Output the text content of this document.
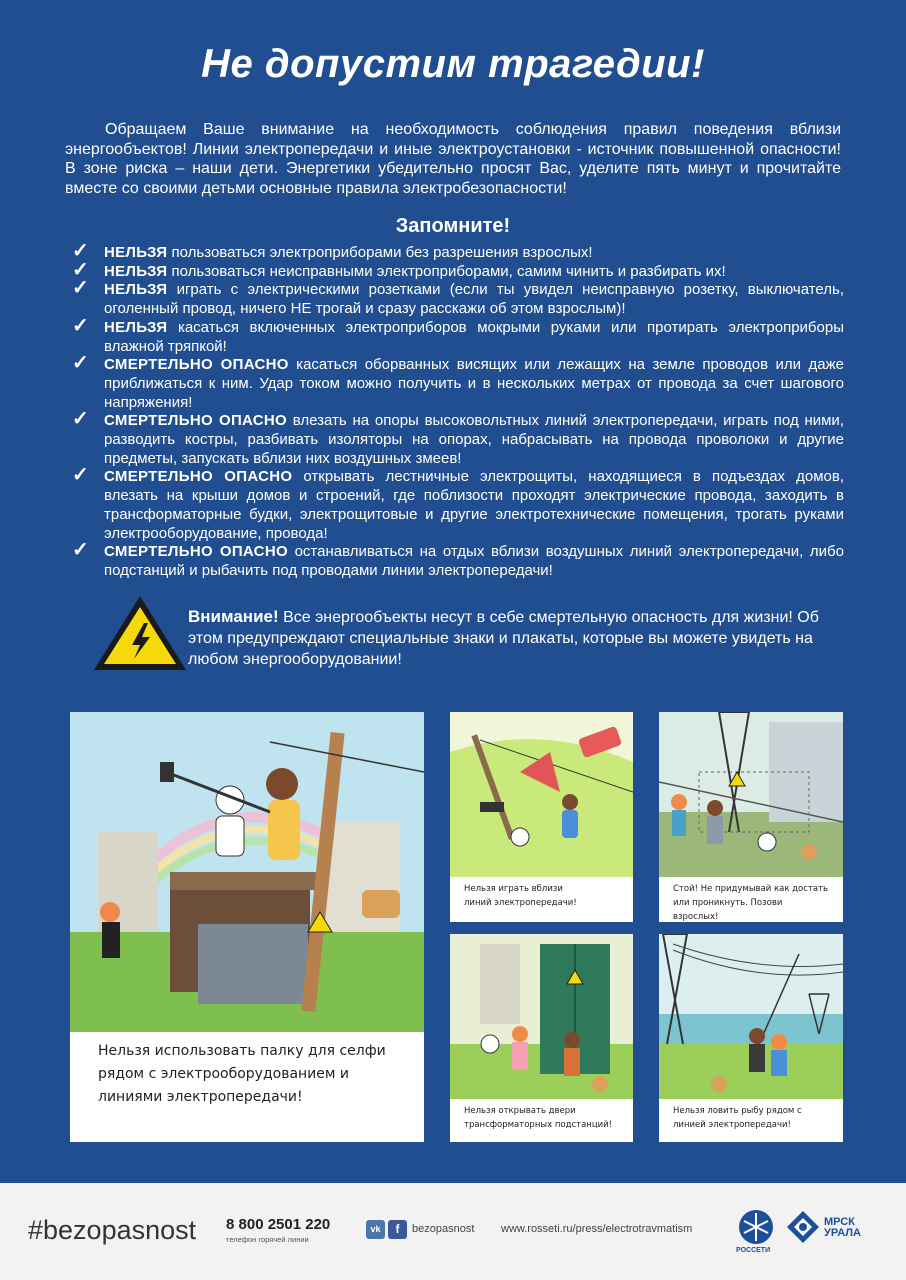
Не допустим трагедии!

Обращаем Ваше внимание на необходимость соблюдения правил поведения вблизи энергообъектов! Линии электропередачи и иные электроустановки - источник повышенной опасности! В зоне риска – наши дети. Энергетики убедительно просят Вас, уделите пять минут и прочитайте вместе со своими детьми основные правила электробезопасности!

Запомните!
✓ НЕЛЬЗЯ пользоваться электроприборами без разрешения взрослых!
✓ НЕЛЬЗЯ пользоваться неисправными электроприборами, самим чинить и разбирать их!
✓ НЕЛЬЗЯ играть с электрическими розетками (если ты увидел неисправную розетку, выключатель, оголенный провод, ничего НЕ трогай и сразу расскажи об этом взрослым)!
✓ НЕЛЬЗЯ касаться включенных электроприборов мокрыми руками или протирать электроприборы влажной тряпкой!
✓ СМЕРТЕЛЬНО ОПАСНО касаться оборванных висящих или лежащих на земле проводов или даже приближаться к ним. Удар током можно получить и в нескольких метрах от провода за счет шагового напряжения!
✓ СМЕРТЕЛЬНО ОПАСНО влезать на опоры высоковольтных линий электропередачи, играть под ними, разводить костры, разбивать изоляторы на опорах, набрасывать на провода проволоки и другие предметы, запускать вблизи них воздушных змеев!
✓ СМЕРТЕЛЬНО ОПАСНО открывать лестничные электрощиты, находящиеся в подъездах домов, влезать на крыши домов и строений, где поблизости проходят электрические провода, заходить в трансформаторные будки, электрощитовые и другие электротехнические помещения, трогать руками электрооборудование, провода!
✓ СМЕРТЕЛЬНО ОПАСНО останавливаться на отдых вблизи воздушных линий электропередачи, либо подстанций и рыбачить под проводами линии электропередачи!

Внимание! Все энергообъекты несут в себе смертельную опасность для жизни! Об этом предупреждают специальные знаки и плакаты, которые вы можете увидеть на любом энергооборудовании!

Нельзя использовать палку для селфи
рядом с электрооборудованием и
линиями электропередачи!
Нельзя играть вблизи
линий электропередачи!
Стой! Не придумывай как достать
или проникнуть. Позови взрослых!
Нельзя открывать двери
трансформаторных подстанций!
Нельзя ловить рыбу рядом с
линией электропередачи!
#bezopasnost 8 800 2501 220
телефон горячей линии
vk	f	bezopasnost www.rosseti.ru/press/electrotravmatism
РОССЕТИ
МРСК
УРАЛА
